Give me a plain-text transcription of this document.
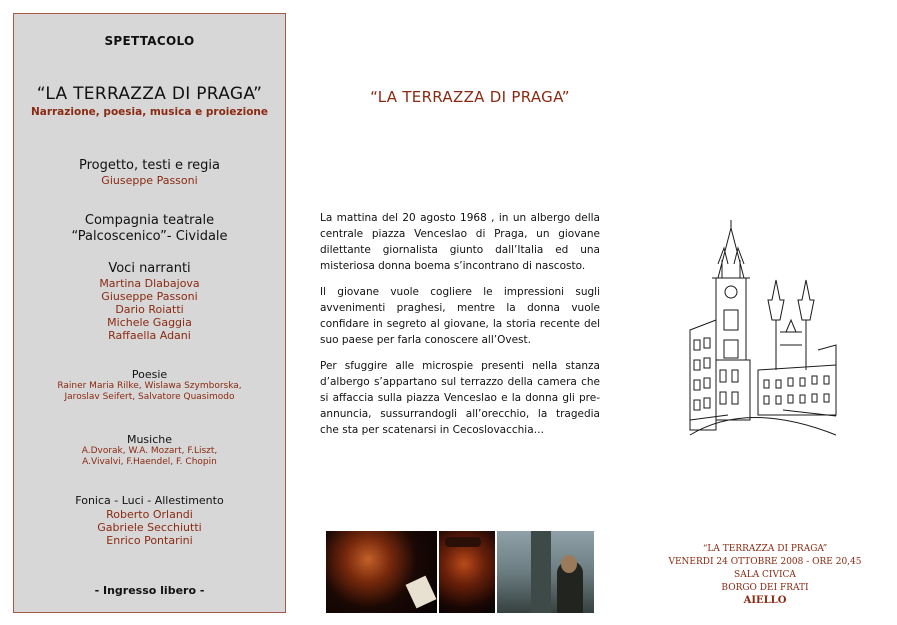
SPETTACOLO
“LA TERRAZZA DI PRAGA”
Narrazione, poesia, musica e proiezione
Progetto, testi e regia
Giuseppe Passoni
Compagnia teatrale
“Palcoscenico”- Cividale
Voci narranti
Martina Dlabajova
Giuseppe Passoni
Dario Roiatti
Michele Gaggia
Raffaella Adani
Poesie
Rainer Maria Rilke, Wislawa Szymborska,
Jaroslav Seifert, Salvatore Quasimodo
Musiche
A.Dvorak, W.A. Mozart, F.Liszt,
A.Vivalvi, F.Haendel, F. Chopin
Fonica - Luci - Allestimento
Roberto Orlandi
Gabriele Secchiutti
Enrico Pontarini
- Ingresso libero -
“LA TERRAZZA DI PRAGA”
La mattina del 20 agosto 1968 , in un albergo della centrale piazza Venceslao di Praga, un giovane dilettante giornalista giunto dall’Italia ed una misteriosa donna boema s’incontrano di nascosto.
Il giovane vuole cogliere le impressioni sugli avvenimenti praghesi, mentre la donna vuole confidare in segreto al giovane, la storia recente del suo paese per farla conoscere all’Ovest.
Per sfuggire alle microspie presenti nella stanza d’albergo s’appartano sul terrazzo della camera che si affaccia sulla piazza Venceslao e la donna gli pre-annuncia, sussurrandogli all’orecchio, la tragedia che sta per scatenarsi in Cecoslovacchia…
“LA TERRAZZA DI PRAGA”
VENERDI 24 OTTOBRE 2008 - ORE 20,45
SALA CIVICA
BORGO DEI FRATI
AIELLO
